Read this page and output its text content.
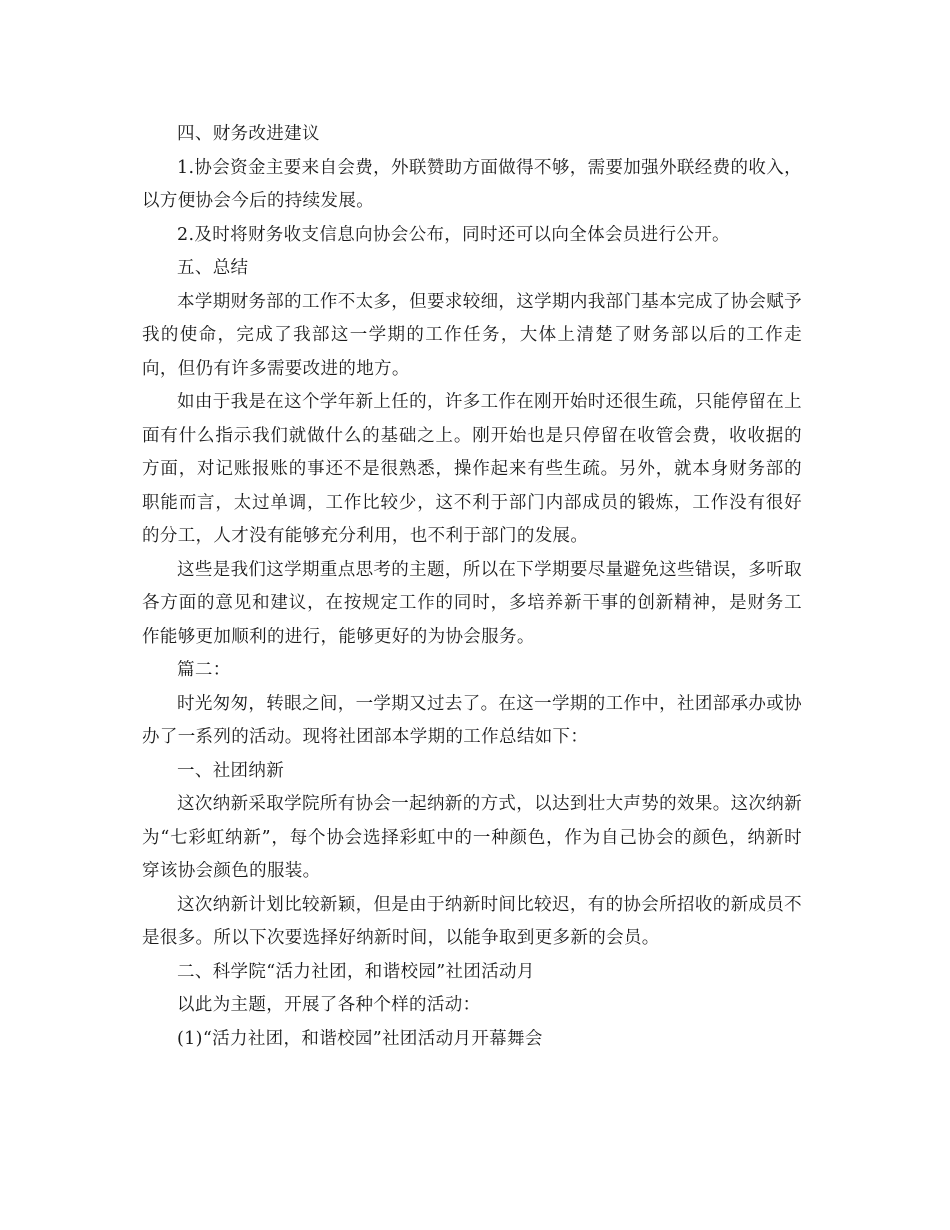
四、财务改进建议

1.协会资金主要来自会费，外联赞助方面做得不够，需要加强外联经费的收入，以方便协会今后的持续发展。

2.及时将财务收支信息向协会公布，同时还可以向全体会员进行公开。

五、总结

本学期财务部的工作不太多，但要求较细，这学期内我部门基本完成了协会赋予我的使命，完成了我部这一学期的工作任务，大体上清楚了财务部以后的工作走向，但仍有许多需要改进的地方。

如由于我是在这个学年新上任的，许多工作在刚开始时还很生疏，只能停留在上面有什么指示我们就做什么的基础之上。刚开始也是只停留在收管会费，收收据的方面，对记账报账的事还不是很熟悉，操作起来有些生疏。另外，就本身财务部的职能而言，太过单调，工作比较少，这不利于部门内部成员的锻炼，工作没有很好的分工，人才没有能够充分利用，也不利于部门的发展。

这些是我们这学期重点思考的主题，所以在下学期要尽量避免这些错误，多听取各方面的意见和建议，在按规定工作的同时，多培养新干事的创新精神，是财务工作能够更加顺利的进行，能够更好的为协会服务。

篇二：

时光匆匆，转眼之间，一学期又过去了。在这一学期的工作中，社团部承办或协办了一系列的活动。现将社团部本学期的工作总结如下：

一、社团纳新

这次纳新采取学院所有协会一起纳新的方式，以达到壮大声势的效果。这次纳新为“七彩虹纳新”，每个协会选择彩虹中的一种颜色，作为自己协会的颜色，纳新时穿该协会颜色的服装。

这次纳新计划比较新颖，但是由于纳新时间比较迟，有的协会所招收的新成员不是很多。所以下次要选择好纳新时间，以能争取到更多新的会员。

二、科学院“活力社团，和谐校园”社团活动月

以此为主题，开展了各种个样的活动：

(1)“活力社团，和谐校园”社团活动月开幕舞会
